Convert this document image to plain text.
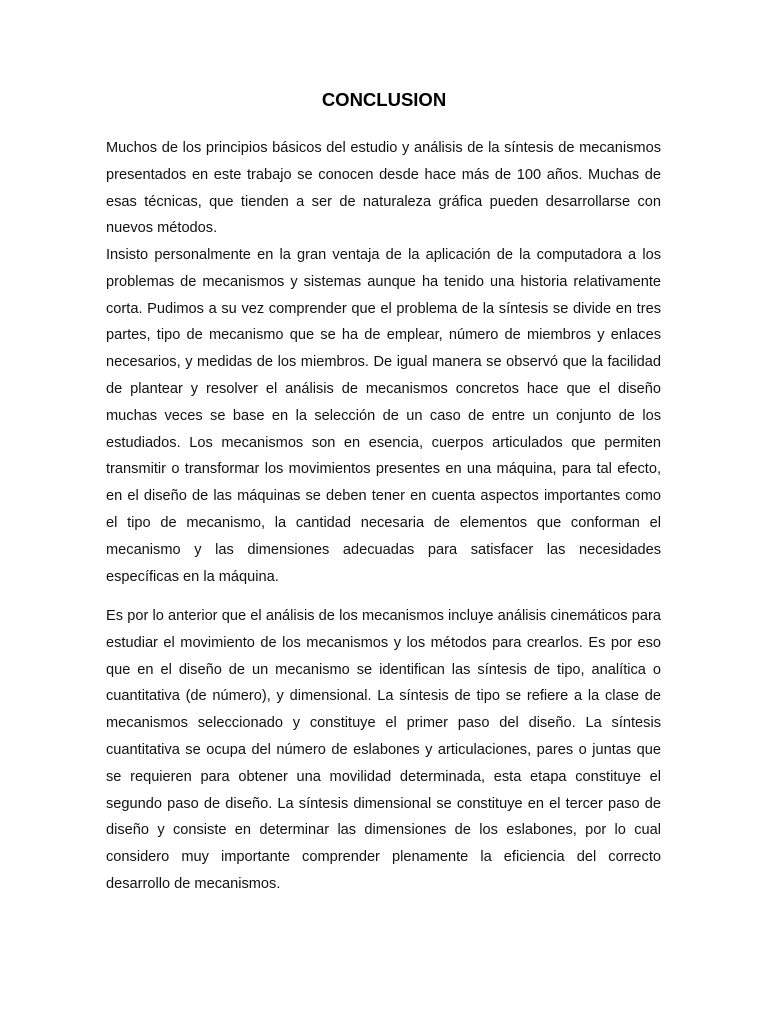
CONCLUSION

Muchos de los principios básicos del estudio y análisis de la síntesis de mecanismos presentados en este trabajo se conocen desde hace más de 100 años. Muchas de esas técnicas, que tienden a ser de naturaleza gráfica pueden desarrollarse con nuevos métodos.

Insisto personalmente en la gran ventaja de la aplicación de la computadora a los problemas de mecanismos y sistemas aunque ha tenido una historia relativamente corta. Pudimos a su vez comprender que el problema de la síntesis se divide en tres partes, tipo de mecanismo que se ha de emplear, número de miembros y enlaces necesarios, y medidas de los miembros. De igual manera se observó que la facilidad de plantear y resolver el análisis de mecanismos concretos hace que el diseño muchas veces se base en la selección de un caso de entre un conjunto de los estudiados. Los mecanismos son en esencia, cuerpos articulados que permiten transmitir o transformar los movimientos presentes en una máquina, para tal efecto, en el diseño de las máquinas se deben tener en cuenta aspectos importantes como el tipo de mecanismo, la cantidad necesaria de elementos que conforman el mecanismo y las dimensiones adecuadas para satisfacer las necesidades específicas en la máquina.

Es por lo anterior que el análisis de los mecanismos incluye análisis cinemáticos para estudiar el movimiento de los mecanismos y los métodos para crearlos. Es por eso que en el diseño de un mecanismo se identifican las síntesis de tipo, analítica o cuantitativa (de número), y dimensional. La síntesis de tipo se refiere a la clase de mecanismos seleccionado y constituye el primer paso del diseño. La síntesis cuantitativa se ocupa del número de eslabones y articulaciones, pares o juntas que se requieren para obtener una movilidad determinada, esta etapa constituye el segundo paso de diseño. La síntesis dimensional se constituye en el tercer paso de diseño y consiste en determinar las dimensiones de los eslabones, por lo cual considero muy importante comprender plenamente la eficiencia del correcto desarrollo de mecanismos.
